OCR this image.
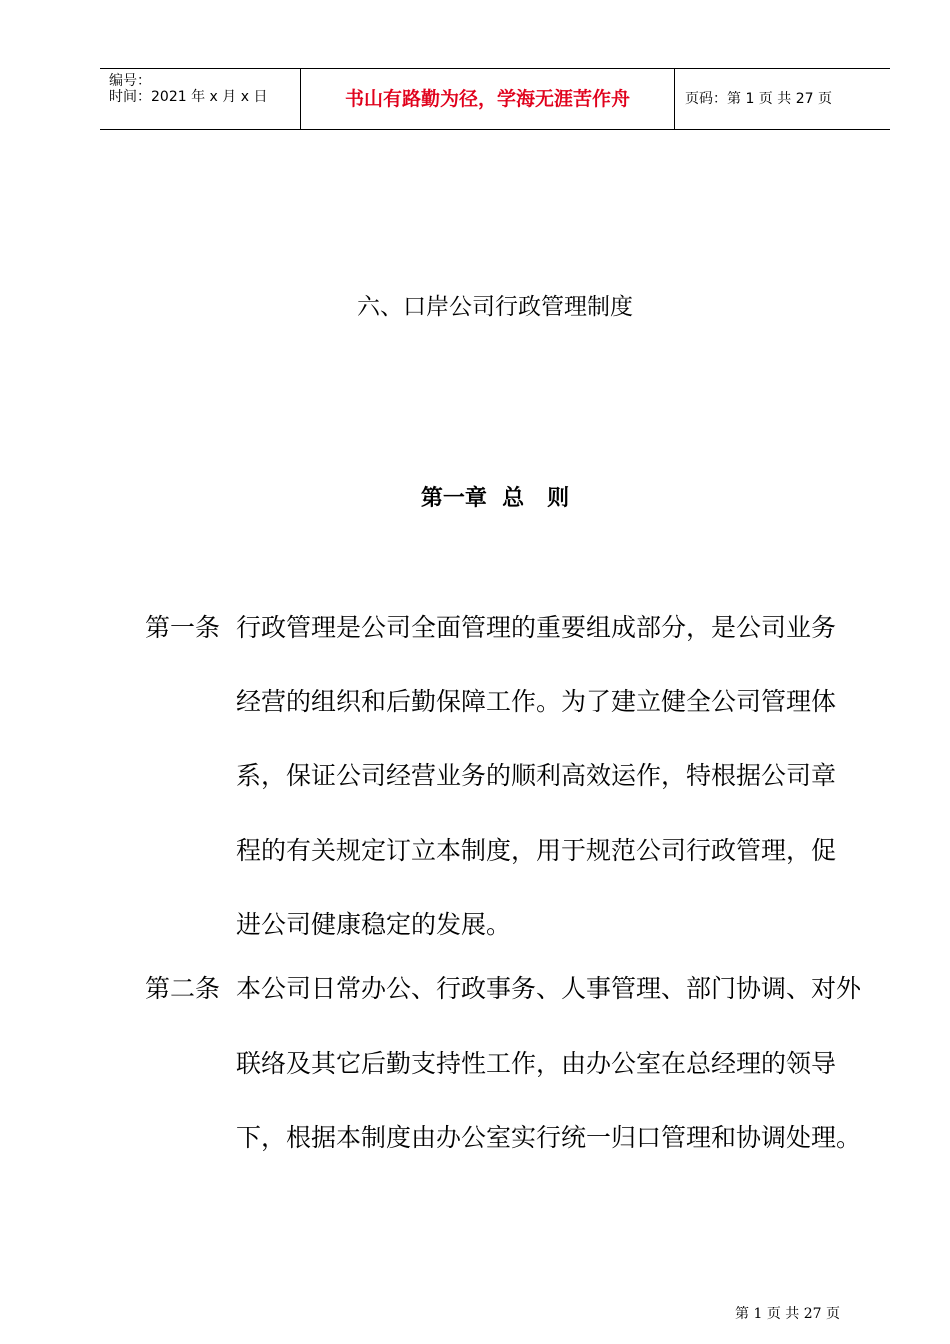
编号：
时间：2021 年 x 月 x 日	书山有路勤为径，学海无涯苦作舟	页码：第 1 页 共 27 页
六、口岸公司行政管理制度
第一章  总   则
第一条 行政管理是公司全面管理的重要组成部分，是公司业务
经营的组织和后勤保障工作。为了建立健全公司管理体
系，保证公司经营业务的顺利高效运作，特根据公司章
程的有关规定订立本制度，用于规范公司行政管理，促
进公司健康稳定的发展。
第二条 本公司日常办公、行政事务、人事管理、部门协调、对外
联络及其它后勤支持性工作，由办公室在总经理的领导
下，根据本制度由办公室实行统一归口管理和协调处理。
第 1 页 共 27 页
